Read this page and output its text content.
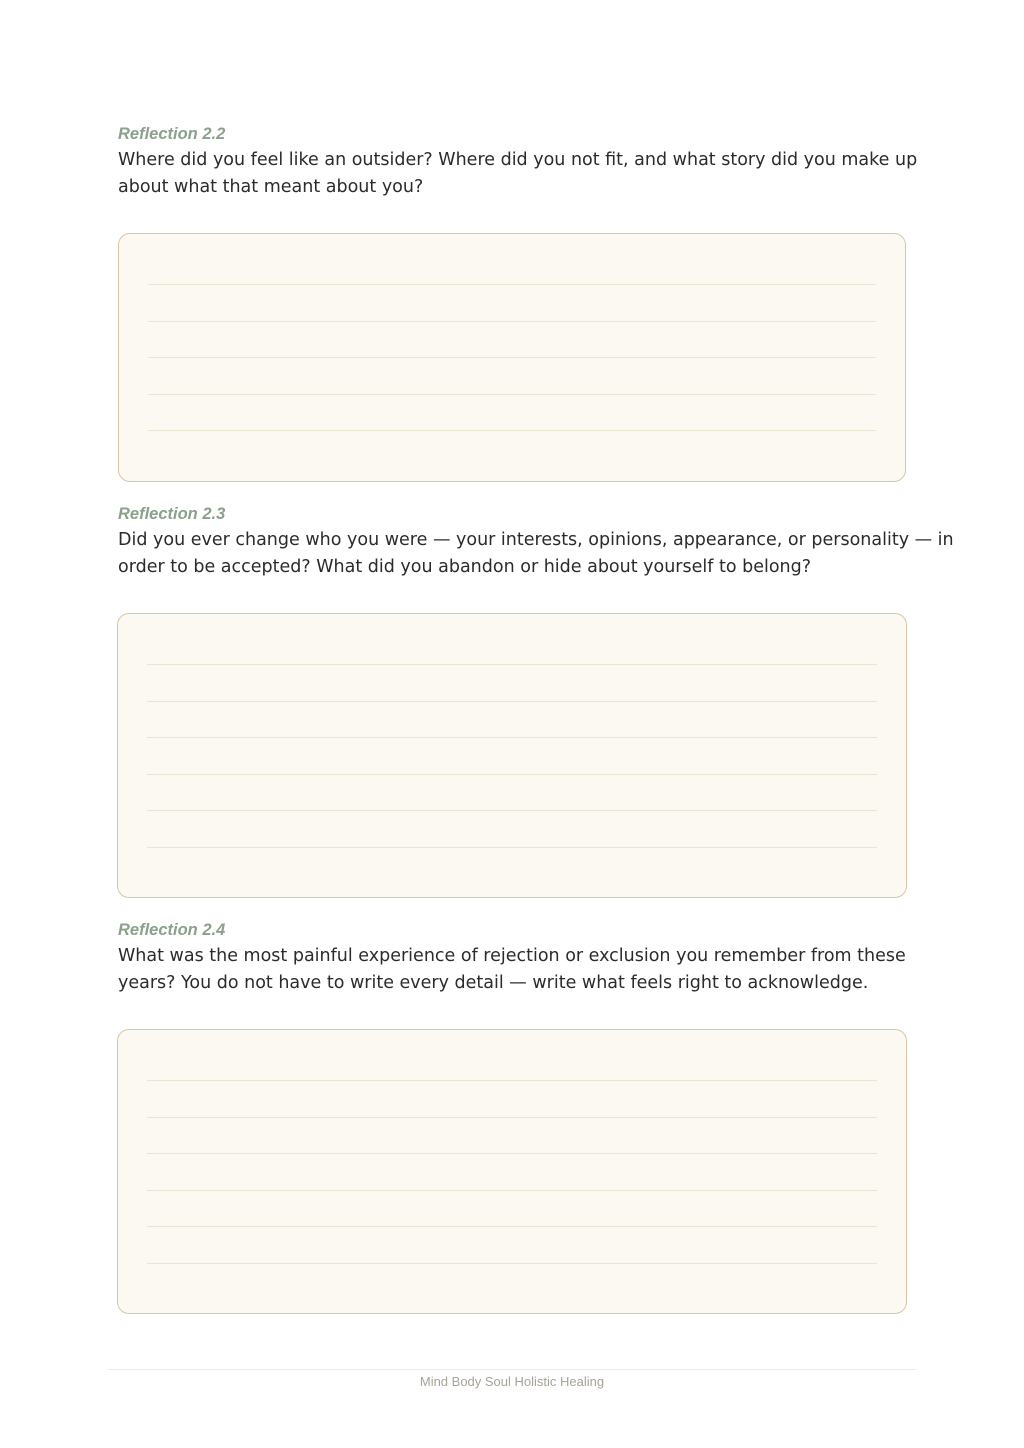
Reflection 2.2

Where did you feel like an outsider? Where did you not fit, and what story did you make up about what that meant about you?

Reflection 2.3

Did you ever change who you were — your interests, opinions, appearance, or personality — in order to be accepted? What did you abandon or hide about yourself to belong?

Reflection 2.4

What was the most painful experience of rejection or exclusion you remember from these years? You do not have to write every detail — write what feels right to acknowledge.

Mind Body Soul Holistic Healing
